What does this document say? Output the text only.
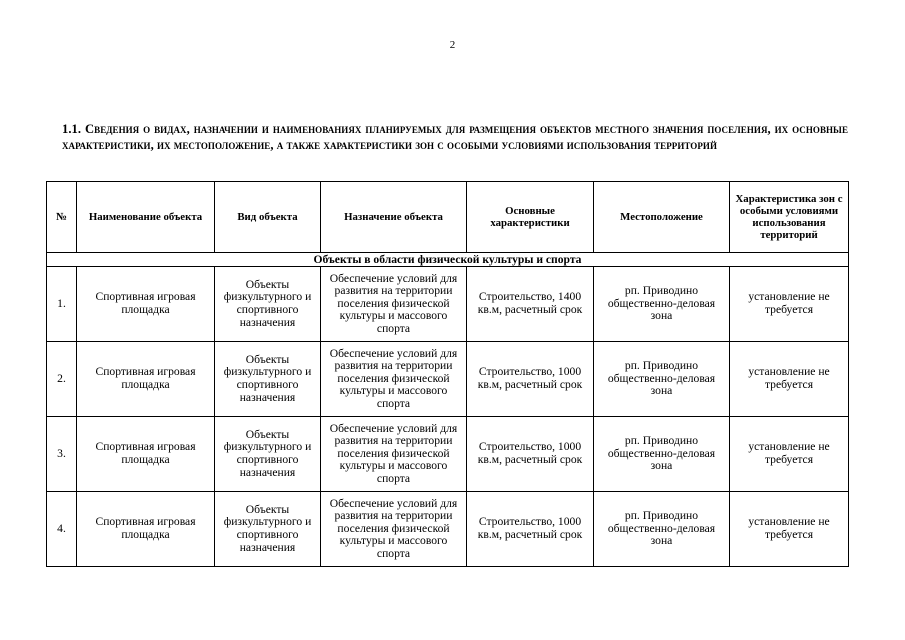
2
1.1. Сведения о видах, назначении и наименованиях планируемых для размещения объектов местного значения поселения, их основные характеристики, их местоположение, а также характеристики зон с особыми условиями использования территорий
№	Наименование объекта	Вид объекта	Назначение объекта	Основные характеристики	Местоположение	Характеристика зон с особыми условиями использования территорий
Объекты в области физической культуры и спорта						
1.	Спортивная игровая площадка	Объекты физкультурного и спортивного назначения	Обеспечение условий для развития на территории поселения физической культуры и массового спорта	Строительство, 1400 кв.м, расчетный срок	рп. Приводино общественно-деловая зона	установление не требуется
2.	Спортивная игровая площадка	Объекты физкультурного и спортивного назначения	Обеспечение условий для развития на территории поселения физической культуры и массового спорта	Строительство, 1000 кв.м, расчетный срок	рп. Приводино общественно-деловая зона	установление не требуется
3.	Спортивная игровая площадка	Объекты физкультурного и спортивного назначения	Обеспечение условий для развития на территории поселения физической культуры и массового спорта	Строительство, 1000 кв.м, расчетный срок	рп. Приводино общественно-деловая зона	установление не требуется
4.	Спортивная игровая площадка	Объекты физкультурного и спортивного назначения	Обеспечение условий для развития на территории поселения физической культуры и массового спорта	Строительство, 1000 кв.м, расчетный срок	рп. Приводино общественно-деловая зона	установление не требуется
